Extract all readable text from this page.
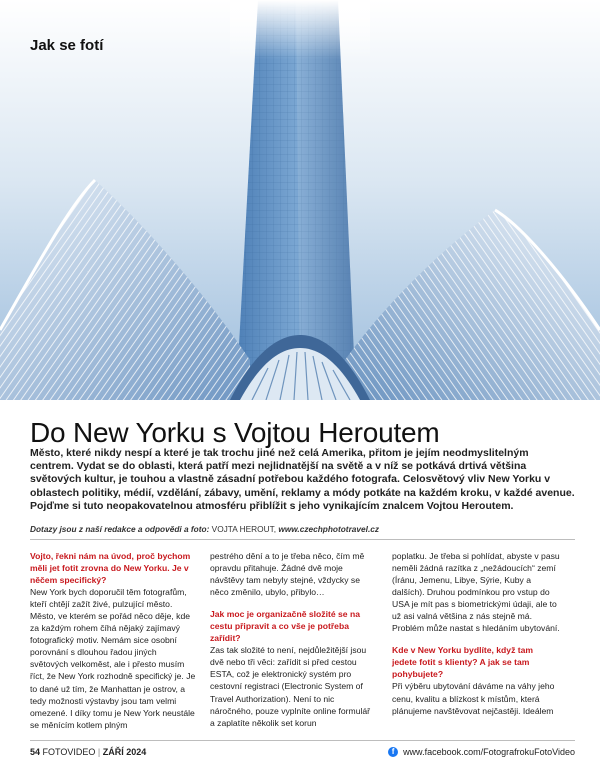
Jak se fotí
Do New Yorku s Vojtou Heroutem

Město, které nikdy nespí a které je tak trochu jiné než celá Amerika, přitom je jejím neodmyslitelným centrem. Vydat se do oblasti, která patří mezi nejlidnatější na světě a v níž se potkává drtivá většina světových kultur, je touhou a vlastně zásadní potřebou každého fotografa. Celosvětový vliv New Yorku v oblastech politiky, médií, vzdělání, zábavy, umění, reklamy a módy potkáte na každém kroku, v každé avenue. Pojďme si tuto neopakovatelnou atmosféru přiblížit s jeho vynikajícím znalcem Vojtou Heroutem.

Dotazy jsou z naší redakce a odpovědi a foto: VOJTA HEROUT, www.czechphototravel.cz

Vojto, řekni nám na úvod, proč bychom měli jet fotit zrovna do New Yorku. Je v něčem specifický?

New York bych doporučil těm fotografům, kteří chtějí zažít živé, pulzující město. Město, ve kterém se pořád něco děje, kde za každým rohem číhá nějaký zajímavý fotografický motiv. Nemám sice osobní porovnání s dlouhou řadou jiných světových velkoměst, ale i přesto musím říct, že New York rozhodně specifický je. Je to dané už tím, že Manhattan je ostrov, a tedy možnosti výstavby jsou tam velmi omezené. I díky tomu je New York neustále se měnícím kotlem plným

pestrého dění a to je třeba něco, čím mě opravdu přitahuje. Žádné dvě moje návštěvy tam nebyly stejné, vždycky se něco změnilo, ubylo, přibylo…

Jak moc je organizačně složité se na cestu připravit a co vše je potřeba zařídit?

Zas tak složité to není, nejdůležitější jsou dvě nebo tři věci: zařídit si před cestou ESTA, což je elektronický systém pro cestovní registraci (Electronic System of Travel Authorization). Není to nic náročného, pouze vyplníte online formulář a zaplatíte několik set korun

poplatku. Je třeba si pohlídat, abyste v pasu neměli žádná razítka z „nežádoucích“ zemí (Íránu, Jemenu, Libye, Sýrie, Kuby a dalších). Druhou podmínkou pro vstup do USA je mít pas s biometrickými údaji, ale to už asi valná většina z nás stejně má. Problém může nastat s hledáním ubytování.

Kde v New Yorku bydlíte, když tam jedete fotit s klienty? A jak se tam pohybujete?

Při výběru ubytování dáváme na váhy jeho cenu, kvalitu a blízkost k místům, která plánujeme navštěvovat nejčastěji. Ideálem

54 FOTOVIDEO | ZÁŘÍ 2024	f www.facebook.com/FotografrokuFotoVideo
